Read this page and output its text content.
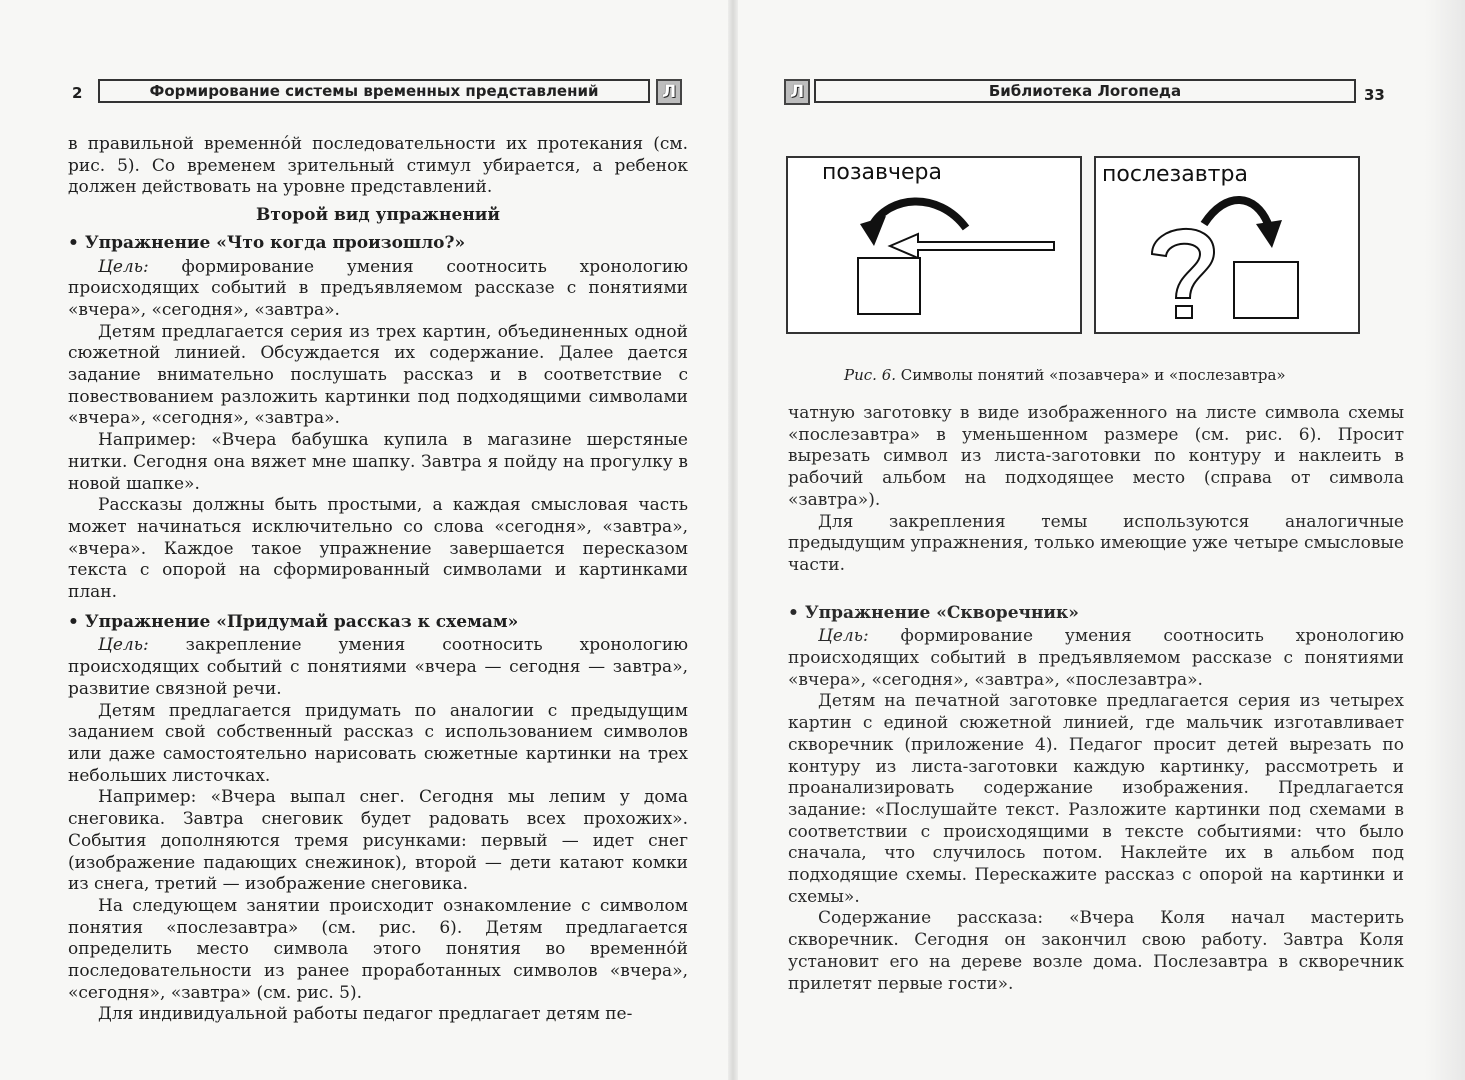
2	Формирование системы временных представлений	Л	Л	Библиотека Логопеда	33

в правильной временнóй последовательности их протекания (см. рис. 5). Со временем зрительный стимул убирается, а ребенок должен действовать на уровне представлений.

Второй вид упражнений

• Упражнение «Что когда произошло?»

Цель: формирование умения соотносить хронологию происходящих событий в предъявляемом рассказе с понятиями «вчера», «сегодня», «завтра».

Детям предлагается серия из трех картин, объединенных одной сюжетной линией. Обсуждается их содержание. Далее дается задание внимательно послушать рассказ и в соответствие с повествованием разложить картинки под подходящими символами «вчера», «сегодня», «завтра».

Например: «Вчера бабушка купила в магазине шерстяные нитки. Сегодня она вяжет мне шапку. Завтра я пойду на прогулку в новой шапке».

Рассказы должны быть простыми, а каждая смысловая часть может начинаться исключительно со слова «сегодня», «завтра», «вчера». Каждое такое упражнение завершается пересказом текста с опорой на сформированный символами и картинками план.

• Упражнение «Придумай рассказ к схемам»

Цель: закрепление умения соотносить хронологию происходящих событий с понятиями «вчера — сегодня — завтра», развитие связной речи.

Детям предлагается придумать по аналогии с предыдущим заданием свой собственный рассказ с использованием символов или даже самостоятельно нарисовать сюжетные картинки на трех небольших листочках.

Например: «Вчера выпал снег. Сегодня мы лепим у дома снеговика. Завтра снеговик будет радовать всех прохожих». События дополняются тремя рисунками: первый — идет снег (изображение падающих снежинок), второй — дети катают комки из снега, третий — изображение снеговика.

На следующем занятии происходит ознакомление с символом понятия «послезавтра» (см. рис. 6). Детям предлагается определить место символа этого понятия во временнóй последовательности из ранее проработанных символов «вчера», «сегодня», «завтра» (см. рис. 5).

Для индивидуальной работы педагог предлагает детям пе-

позавчера	послезавтра
Рис. 6. Символы понятий «позавчера» и «послезавтра»

чатную заготовку в виде изображенного на листе символа схемы «послезавтра» в уменьшенном размере (см. рис. 6). Просит вырезать символ из листа-заготовки по контуру и наклеить в рабочий альбом на подходящее место (справа от символа «завтра»).

Для закрепления темы используются аналогичные предыдущим упражнения, только имеющие уже четыре смысловые части.

• Упражнение «Скворечник»

Цель: формирование умения соотносить хронологию происходящих событий в предъявляемом рассказе с понятиями «вчера», «сегодня», «завтра», «послезавтра».

Детям на печатной заготовке предлагается серия из четырех картин с единой сюжетной линией, где мальчик изготавливает скворечник (приложение 4). Педагог просит детей вырезать по контуру из листа-заготовки каждую картинку, рассмотреть и проанализировать содержание изображения. Предлагается задание: «Послушайте текст. Разложите картинки под схемами в соответствии с происходящими в тексте событиями: что было сначала, что случилось потом. Наклейте их в альбом под подходящие схемы. Перескажите рассказ с опорой на картинки и схемы».

Содержание рассказа: «Вчера Коля начал мастерить скворечник. Сегодня он закончил свою работу. Завтра Коля установит его на дереве возле дома. Послезавтра в скворечник прилетят первые гости».
